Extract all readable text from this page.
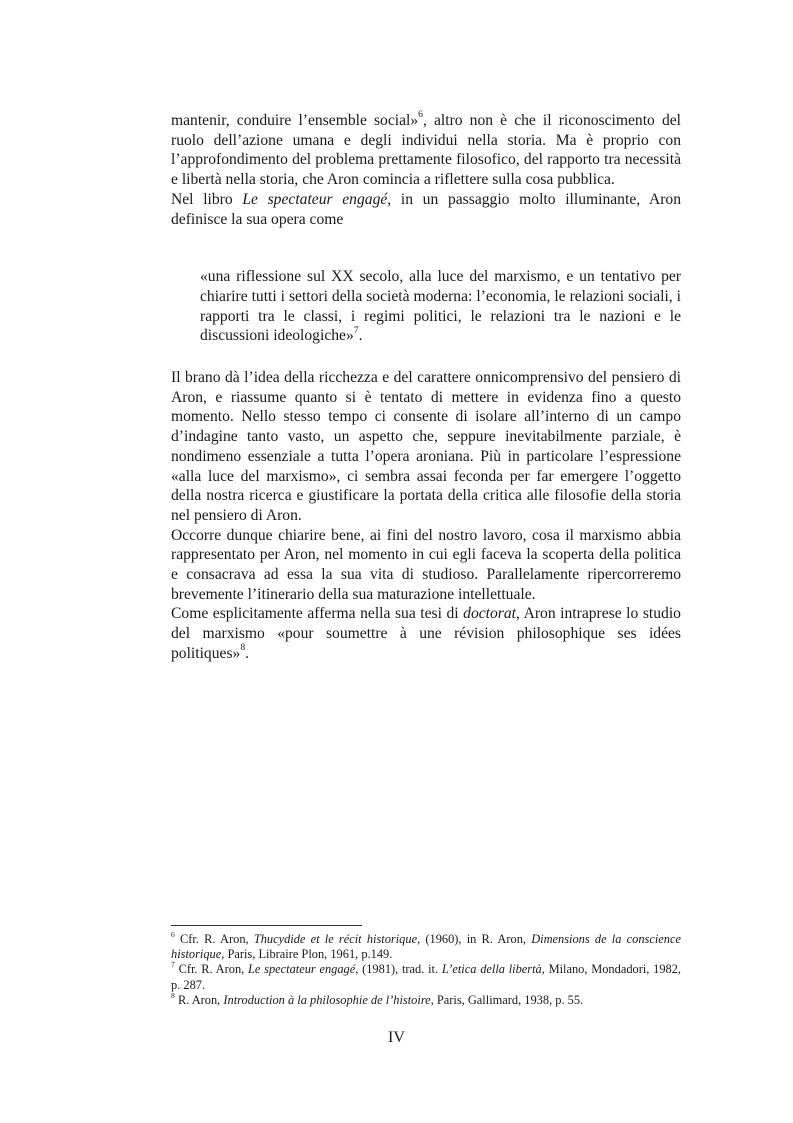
mantenir, conduire l’ensemble social»$^6$, altro non è che il riconoscimento del ruolo dell’azione umana e degli individui nella storia. Ma è proprio con l’approfondimento del problema prettamente filosofico, del rapporto tra necessità e libertà nella storia, che Aron comincia a riflettere sulla cosa pubblica.

Nel libro Le spectateur engagé, in un passaggio molto illuminante, Aron definisce la sua opera come

«una riflessione sul XX secolo, alla luce del marxismo, e un tentativo per chiarire tutti i settori della società moderna: l’economia, le relazioni sociali, i rapporti tra le classi, i regimi politici, le relazioni tra le nazioni e le discussioni ideologiche»$^7$.

Il brano dà l’idea della ricchezza e del carattere onnicomprensivo del pensiero di Aron, e riassume quanto si è tentato di mettere in evidenza fino a questo momento. Nello stesso tempo ci consente di isolare all’interno di un campo d’indagine tanto vasto, un aspetto che, seppure inevitabilmente parziale, è nondimeno essenziale a tutta l’opera aroniana. Più in particolare l’espressione «alla luce del marxismo», ci sembra assai feconda per far emergere l’oggetto della nostra ricerca e giustificare la portata della critica alle filosofie della storia nel pensiero di Aron.

Occorre dunque chiarire bene, ai fini del nostro lavoro, cosa il marxismo abbia rappresentato per Aron, nel momento in cui egli faceva la scoperta della politica e consacrava ad essa la sua vita di studioso. Parallelamente ripercorreremo brevemente l’itinerario della sua maturazione intellettuale.

Come esplicitamente afferma nella sua tesi di doctorat, Aron intraprese lo studio del marxismo «pour soumettre à une révision philosophique ses idées politiques»$^8$.

$^6$ Cfr. R. Aron, Thucydide et le récit historique, (1960), in R. Aron, Dimensions de la conscience historique, Paris, Libraire Plon, 1961, p.149.

$^7$ Cfr. R. Aron, Le spectateur engagé, (1981), trad. it. L’etica della libertà, Milano, Mondadori, 1982, p. 287.

$^8$ R. Aron, Introduction à la philosophie de l’histoire, Paris, Gallimard, 1938, p. 55.

IV
